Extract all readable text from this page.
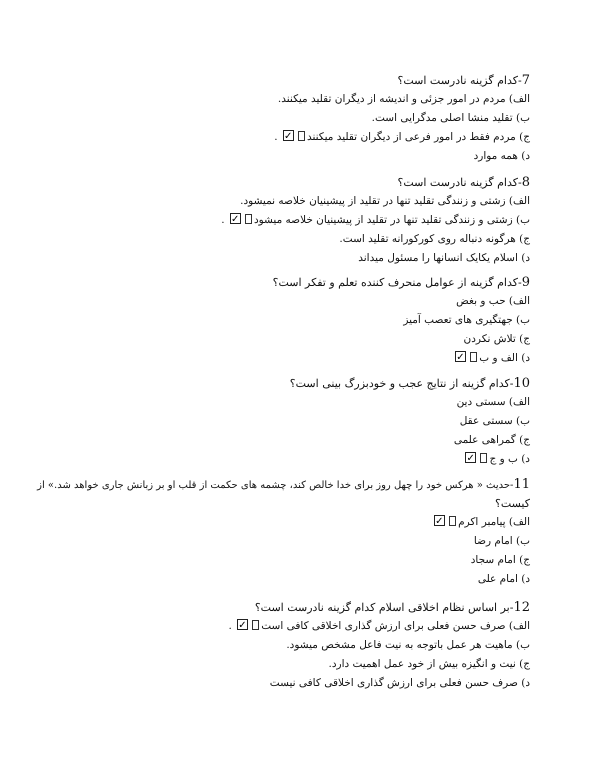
7-کدام گزینه نادرست است؟
الف) مردم در امور جزئی و اندیشه از دیگران تقلید میکنند.
ب) تقلید منشا اصلی مدگرایی است.
ج) مردم فقط در امور فرعی از دیگران تقلید میکنند✓ .
د) همه موارد
8-کدام گزینه نادرست است؟
الف) زشتی و زنندگی تقلید تنها در تقلید از پیشینیان خلاصه نمیشود.
ب) زشتی و زنندگی تقلید تنها در تقلید از پیشینیان خلاصه میشود✓ .
ج) هرگونه دنباله روی کورکورانه تقلید است.
د) اسلام یکایک انسانها را مسئول میداند
9-کدام گزینه از عوامل منحرف کننده تعلم و تفکر است؟
الف) حب و بغض
ب) جهتگیری های تعصب آمیز
ج) تلاش نکردن
د) الف و ب✓
10-کدام گزینه از نتایج عجب و خودبزرگ بینی است؟
الف) سستی دین
ب) سستی عقل
ج) گمراهی علمی
د) ب و ج✓
11-حدیث « هرکس خود را چهل روز برای خدا خالص کند، چشمه های حکمت از قلب او بر زبانش جاری خواهد شد.» از
کیست؟
الف) پیامبر اکرم✓
ب) امام رضا
ج) امام سجاد
د) امام علی
12-بر اساس نظام اخلاقی اسلام کدام گزینه نادرست است؟
الف) صرف حسن فعلی برای ارزش گذاری اخلاقی کافی است✓ .
ب) ماهیت هر عمل باتوجه به نیت فاعل مشخص میشود.
ج) نیت و انگیزه بیش از خود عمل اهمیت دارد.
د) صرف حسن فعلی برای ارزش گذاری اخلاقی کافی نیست
